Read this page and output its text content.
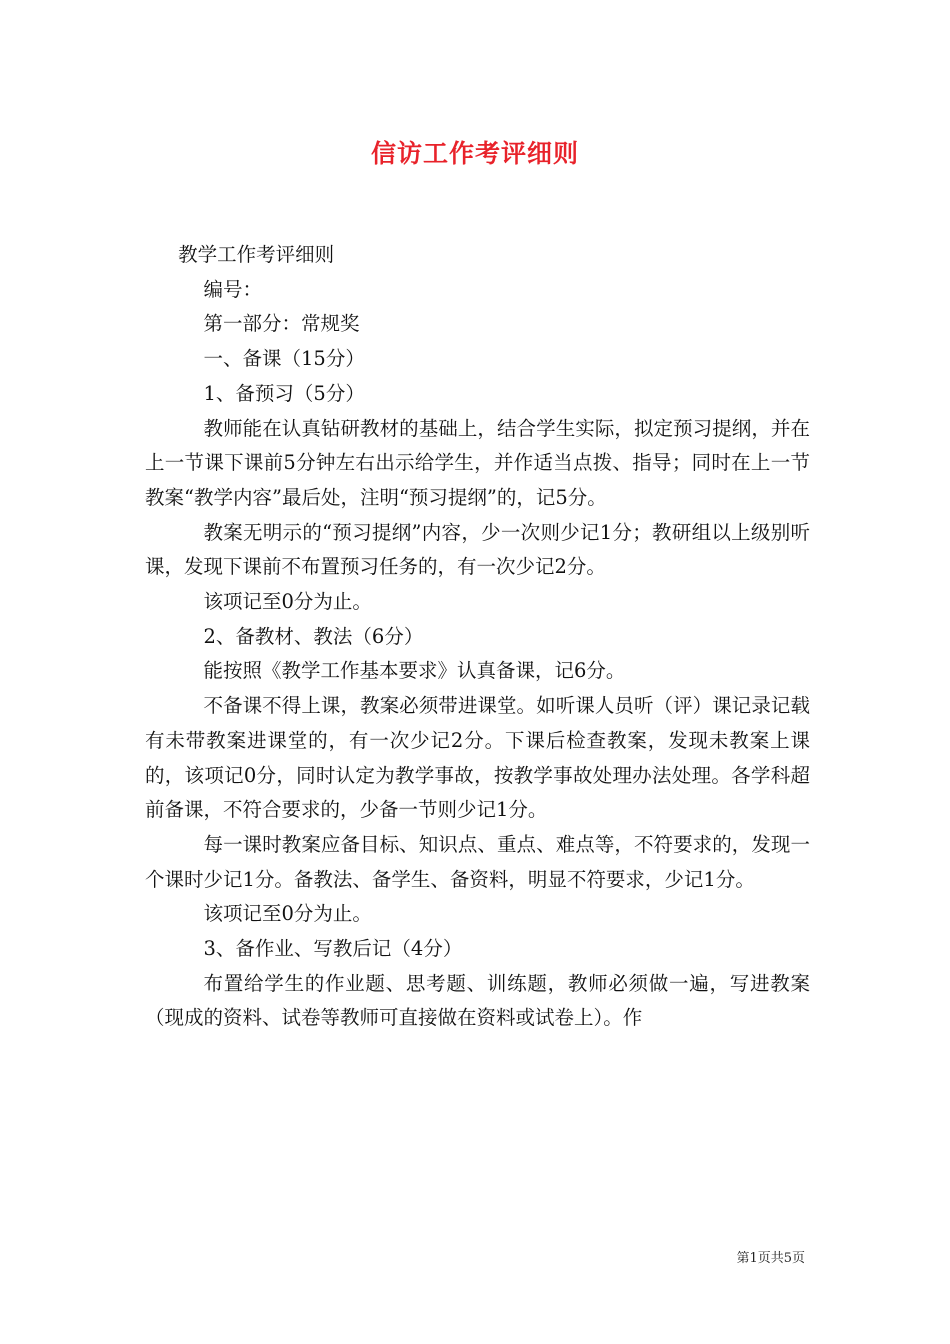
信访工作考评细则

教学工作考评细则

编号：

第一部分：常规奖

一、备课（15分）

1、备预习（5分）

教师能在认真钻研教材的基础上，结合学生实际，拟定预习提纲，并在上一节课下课前5分钟左右出示给学生，并作适当点拨、指导；同时在上一节教案“教学内容”最后处，注明“预习提纲”的，记5分。

教案无明示的“预习提纲”内容，少一次则少记1分；教研组以上级别听课，发现下课前不布置预习任务的，有一次少记2分。

该项记至0分为止。

2、备教材、教法（6分）

能按照《教学工作基本要求》认真备课，记6分。

不备课不得上课，教案必须带进课堂。如听课人员听（评）课记录记载有未带教案进课堂的，有一次少记2分。下课后检查教案，发现未教案上课的，该项记0分，同时认定为教学事故，按教学事故处理办法处理。各学科超前备课，不符合要求的，少备一节则少记1分。

每一课时教案应备目标、知识点、重点、难点等，不符要求的，发现一个课时少记1分。备教法、备学生、备资料，明显不符要求，少记1分。

该项记至0分为止。

3、备作业、写教后记（4分）

布置给学生的作业题、思考题、训练题，教师必须做一遍，写进教案（现成的资料、试卷等教师可直接做在资料或试卷上）。作

第1页共5页
